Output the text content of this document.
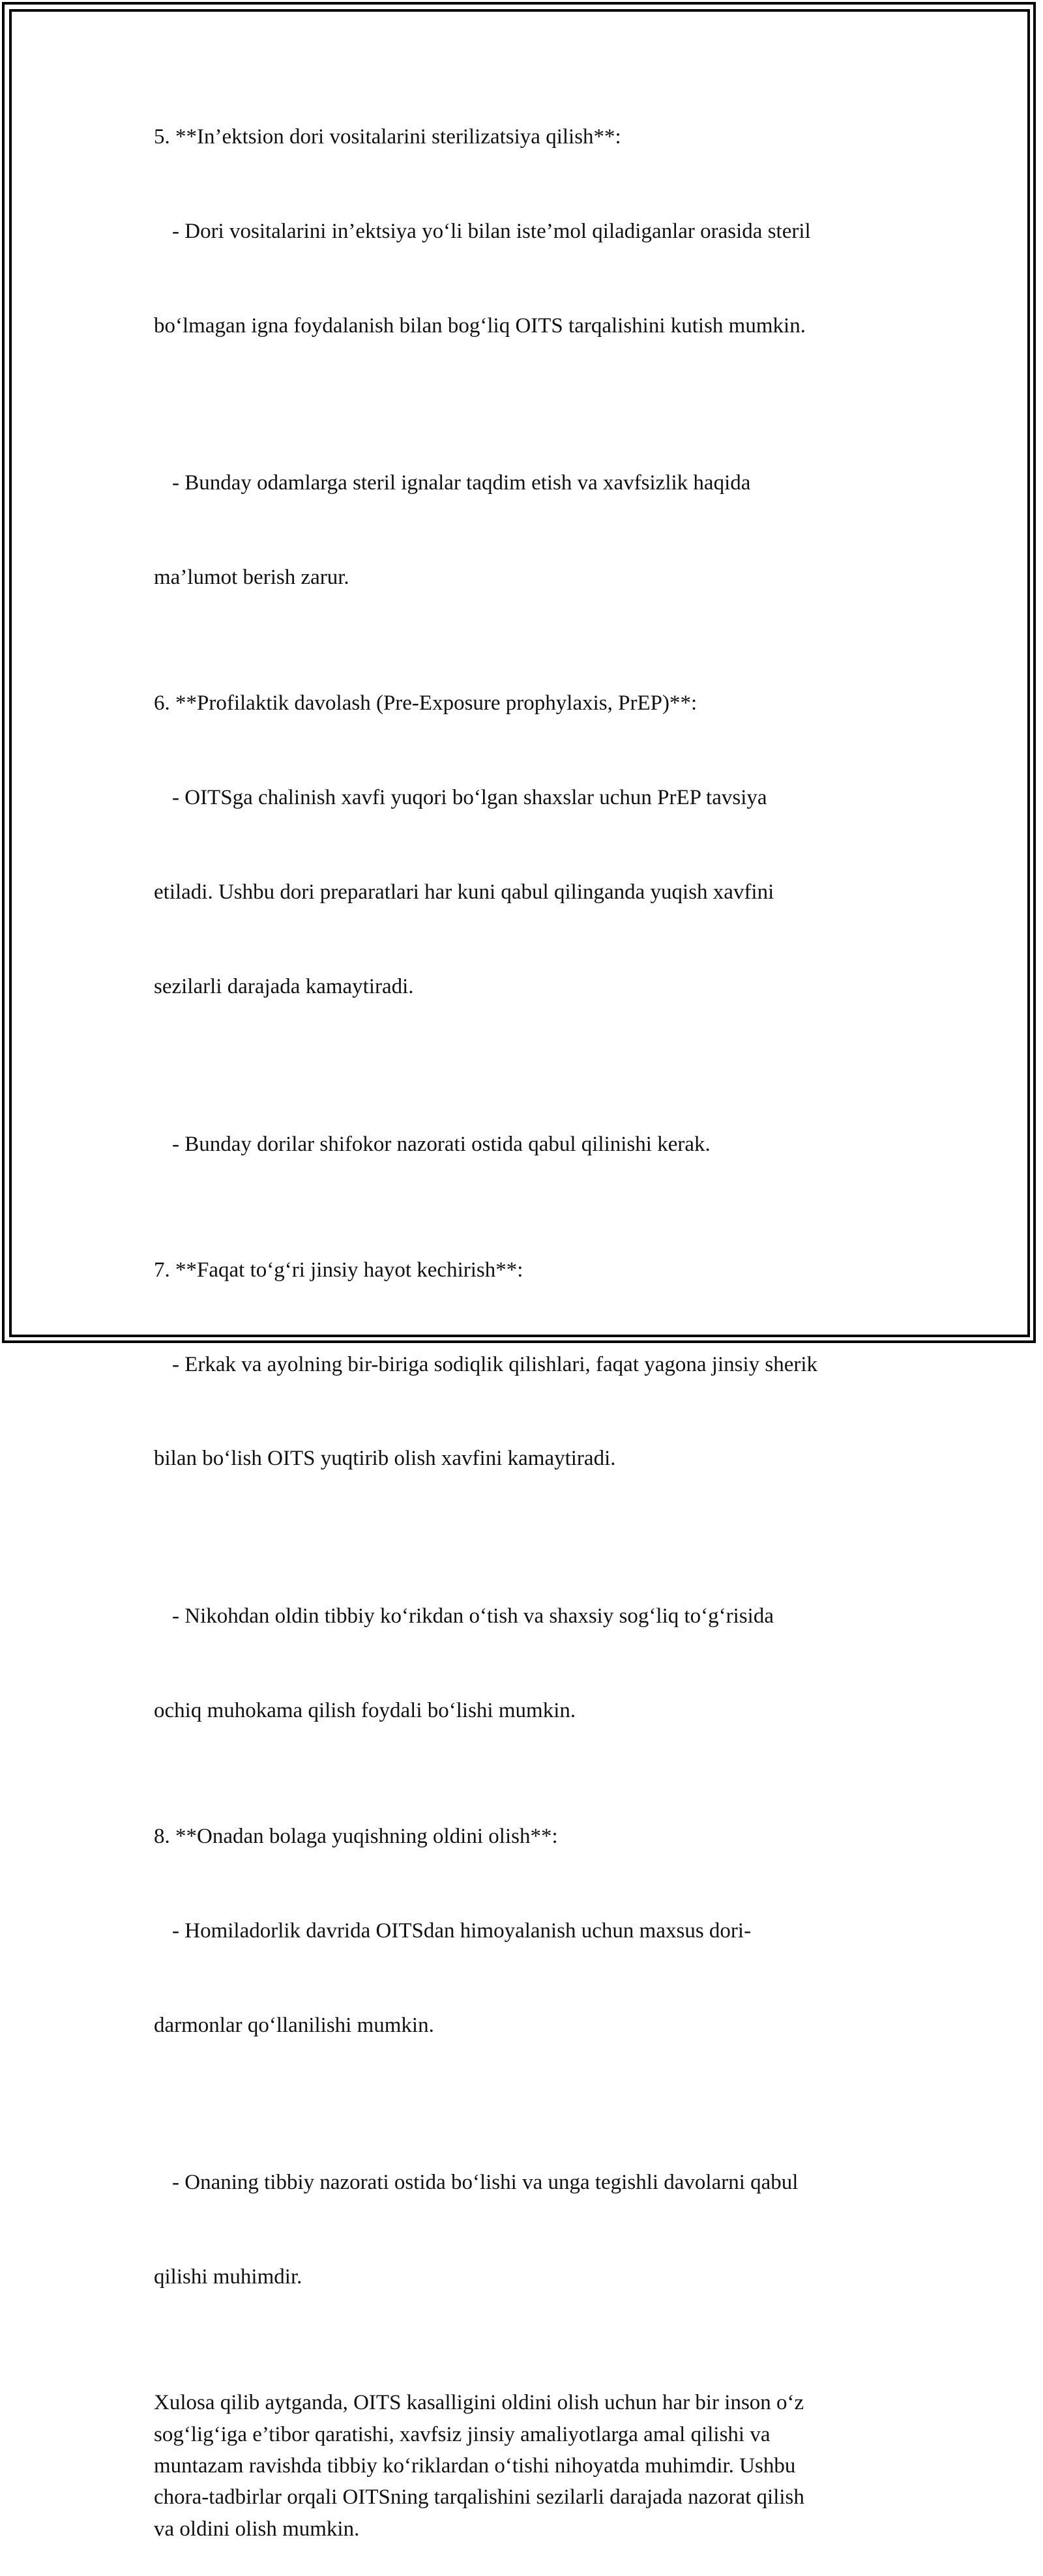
5. **In’ektsion dori vositalarini sterilizatsiya qilish**:

- Dori vositalarini in’ektsiya yo‘li bilan iste’mol qiladiganlar orasida steril

bo‘lmagan igna foydalanish bilan bog‘liq OITS tarqalishini kutish mumkin.

- Bunday odamlarga steril ignalar taqdim etish va xavfsizlik haqida

ma’lumot berish zarur.

6. **Profilaktik davolash (Pre-Exposure prophylaxis, PrEP)**:

- OITSga chalinish xavfi yuqori bo‘lgan shaxslar uchun PrEP tavsiya

etiladi. Ushbu dori preparatlari har kuni qabul qilinganda yuqish xavfini

sezilarli darajada kamaytiradi.

- Bunday dorilar shifokor nazorati ostida qabul qilinishi kerak.

7. **Faqat to‘g‘ri jinsiy hayot kechirish**:

- Erkak va ayolning bir-biriga sodiqlik qilishlari, faqat yagona jinsiy sherik

bilan bo‘lish OITS yuqtirib olish xavfini kamaytiradi.

- Nikohdan oldin tibbiy ko‘rikdan o‘tish va shaxsiy sog‘liq to‘g‘risida

ochiq muhokama qilish foydali bo‘lishi mumkin.

8. **Onadan bolaga yuqishning oldini olish**:

- Homiladorlik davrida OITSdan himoyalanish uchun maxsus dori-

darmonlar qo‘llanilishi mumkin.

- Onaning tibbiy nazorati ostida bo‘lishi va unga tegishli davolarni qabul

qilishi muhimdir.

Xulosa qilib aytganda, OITS kasalligini oldini olish uchun har bir inson o‘z
sog‘lig‘iga e’tibor qaratishi, xavfsiz jinsiy amaliyotlarga amal qilishi va
muntazam ravishda tibbiy ko‘riklardan o‘tishi nihoyatda muhimdir. Ushbu
chora-tadbirlar orqali OITSning tarqalishini sezilarli darajada nazorat qilish
va oldini olish mumkin.
